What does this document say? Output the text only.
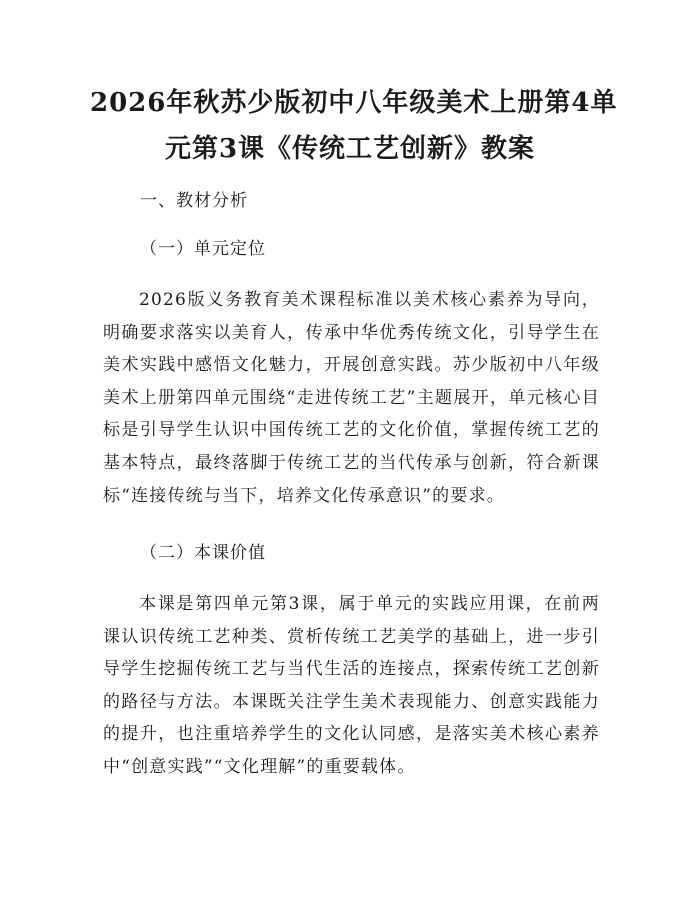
2026年秋苏少版初中八年级美术上册第4单
元第3课《传统工艺创新》教案
一、教材分析
（一）单元定位

2026版义务教育美术课程标准以美术核心素养为导向，明确要求落实以美育人，传承中华优秀传统文化，引导学生在美术实践中感悟文化魅力，开展创意实践。苏少版初中八年级美术上册第四单元围绕“走进传统工艺”主题展开，单元核心目标是引导学生认识中国传统工艺的文化价值，掌握传统工艺的基本特点，最终落脚于传统工艺的当代传承与创新，符合新课标“连接传统与当下，培养文化传承意识”的要求。

（二）本课价值

本课是第四单元第3课，属于单元的实践应用课，在前两课认识传统工艺种类、赏析传统工艺美学的基础上，进一步引导学生挖掘传统工艺与当代生活的连接点，探索传统工艺创新的路径与方法。本课既关注学生美术表现能力、创意实践能力的提升，也注重培养学生的文化认同感，是落实美术核心素养中“创意实践”“文化理解”的重要载体。
